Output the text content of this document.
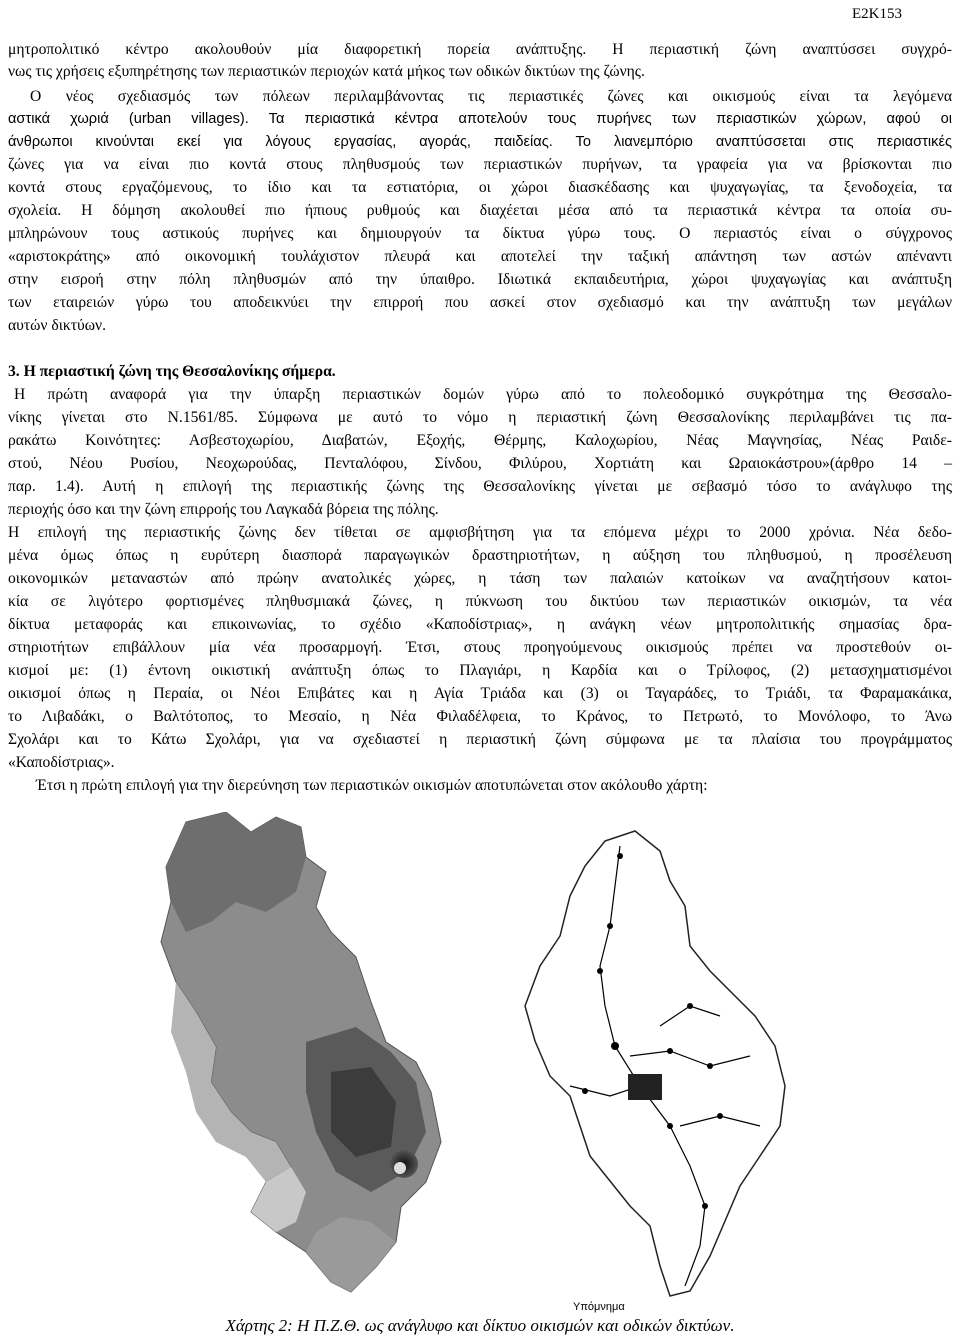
Ε2Κ153
μητροπολιτικό κέντρο ακολουθούν μία διαφορετική πορεία ανάπτυξης. Η περιαστική ζώνη αναπτύσσει συγχρό-
νως τις χρήσεις εξυπηρέτησης των περιαστικών περιοχών κατά μήκος των οδικών δικτύων της ζώνης.
Ο νέος σχεδιασμός των πόλεων περιλαμβάνοντας τις περιαστικές ζώνες και οικισμούς είναι τα λεγόμενα
αστικά χωριά (urban villages). Τα περιαστικά κέντρα αποτελούν τους πυρήνες των περιαστικών χώρων, αφού οι
άνθρωποι κινούνται εκεί για λόγους εργασίας, αγοράς, παιδείας. Το λιανεμπόριο αναπτύσσεται στις περιαστικές
ζώνες για να είναι πιο κοντά στους πληθυσμούς των περιαστικών πυρήνων, τα γραφεία για να βρίσκονται πιο
κοντά στους εργαζόμενους, το ίδιο και τα εστιατόρια, οι χώροι διασκέδασης και ψυχαγωγίας, τα ξενοδοχεία, τα
σχολεία. Η δόμηση ακολουθεί πιο ήπιους ρυθμούς και διαχέεται μέσα από τα περιαστικά κέντρα τα οποία συ-
μπληρώνουν τους αστικούς πυρήνες και δημιουργούν τα δίκτυα γύρω τους. Ο περιαστός είναι ο σύγχρονος
«αριστοκράτης» από οικονομική τουλάχιστον πλευρά και αποτελεί την ταξική απάντηση των αστών απέναντι
στην εισροή στην πόλη πληθυσμών από την ύπαιθρο. Ιδιωτικά εκπαιδευτήρια, χώροι ψυχαγωγίας και ανάπτυξη
των εταιρειών γύρω του αποδεικνύει την επιρροή που ασκεί στον σχεδιασμό και την ανάπτυξη των μεγάλων
αυτών δικτύων.
3. Η περιαστική ζώνη της Θεσσαλονίκης σήμερα.
Η πρώτη αναφορά για την ύπαρξη περιαστικών δομών γύρω από το πολεοδομικό συγκρότημα της Θεσσαλο-
νίκης γίνεται στο Ν.1561/85. Σύμφωνα με αυτό το νόμο η περιαστική ζώνη Θεσσαλονίκης περιλαμβάνει τις πα-
ρακάτω Κοινότητες: Ασβεστοχωρίου, Διαβατών, Εξοχής, Θέρμης, Καλοχωρίου, Νέας Μαγνησίας, Νέας Ραιδε-
στού, Νέου Ρυσίου, Νεοχωρούδας, Πενταλόφου, Σίνδου, Φιλύρου, Χορτιάτη και Ωραιοκάστρου»(άρθρο 14 –
παρ. 1.4). Αυτή η επιλογή της περιαστικής ζώνης της Θεσσαλονίκης γίνεται με σεβασμό τόσο το ανάγλυφο της
περιοχής όσο και την ζώνη επιρροής του Λαγκαδά βόρεια της πόλης.
Η επιλογή της περιαστικής ζώνης δεν τίθεται σε αμφισβήτηση για τα επόμενα μέχρι το 2000 χρόνια. Νέα δεδο-
μένα όμως όπως η ευρύτερη διασπορά παραγωγικών δραστηριοτήτων, η αύξηση του πληθυσμού, η προσέλευση
οικονομικών μεταναστών από πρώην ανατολικές χώρες, η τάση των παλαιών κατοίκων να αναζητήσουν κατοι-
κία σε λιγότερο φορτισμένες πληθυσμιακά ζώνες, η πύκνωση του δικτύου των περιαστικών οικισμών, τα νέα
δίκτυα μεταφοράς και επικοινωνίας, το σχέδιο «Καποδίστριας», η ανάγκη νέων μητροπολιτικής σημασίας δρα-
στηριοτήτων επιβάλλουν μία νέα προσαρμογή. Έτσι, στους προηγούμενους οικισμούς πρέπει να προστεθούν οι-
κισμοί με: (1) έντονη οικιστική ανάπτυξη όπως το Πλαγιάρι, η Καρδία και ο Τρίλοφος, (2) μετασχηματισμένοι
οικισμοί όπως η Περαία, οι Νέοι Επιβάτες και η Αγία Τριάδα και (3) οι Ταγαράδες, το Τριάδι, τα Φαραμακάικα,
το Λιβαδάκι, ο Βαλτότοπος, το Μεσαίο, η Νέα Φιλαδέλφεια, το Κράνος, το Πετρωτό, το Μονόλοφο, το Άνω
Σχολάρι και το Κάτω Σχολάρι, για να σχεδιαστεί η περιαστική ζώνη σύμφωνα με τα πλαίσια του προγράμματος
«Καποδίστριας».
Έτσι η πρώτη επιλογή για την διερεύνηση των περιαστικών οικισμών αποτυπώνεται στον ακόλουθο χάρτη:
Υπόμνημα
Χάρτης 2: Η Π.Ζ.Θ. ως ανάγλυφο και δίκτυο οικισμών και οδικών δικτύων.
